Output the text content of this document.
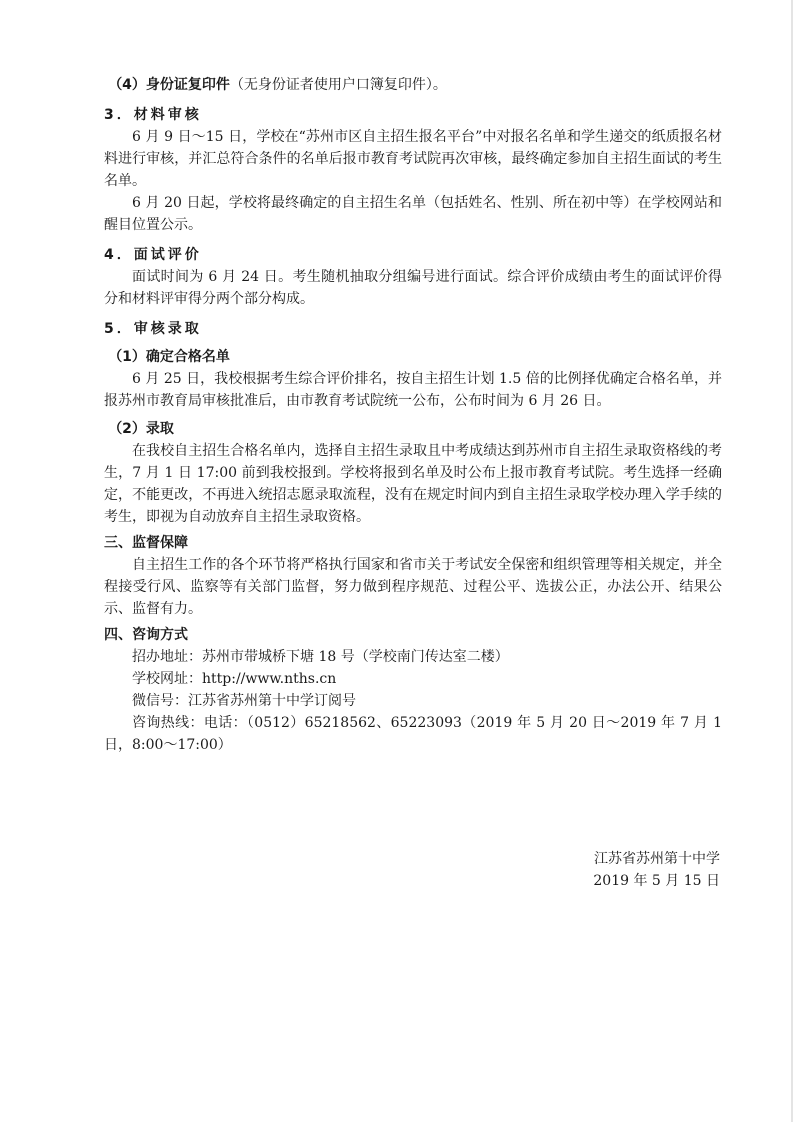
（4）身份证复印件（无身份证者使用户口簿复印件）。

3．材料审核

6 月 9 日～15 日，学校在“苏州市区自主招生报名平台”中对报名名单和学生递交的纸质报名材料进行审核，并汇总符合条件的名单后报市教育考试院再次审核，最终确定参加自主招生面试的考生名单。

6 月 20 日起，学校将最终确定的自主招生名单（包括姓名、性别、所在初中等）在学校网站和醒目位置公示。

4．面试评价

面试时间为 6 月 24 日。考生随机抽取分组编号进行面试。综合评价成绩由考生的面试评价得分和材料评审得分两个部分构成。

5．审核录取

（1）确定合格名单

6 月 25 日，我校根据考生综合评价排名，按自主招生计划 1.5 倍的比例择优确定合格名单，并报苏州市教育局审核批准后，由市教育考试院统一公布，公布时间为 6 月 26 日。

（2）录取

在我校自主招生合格名单内，选择自主招生录取且中考成绩达到苏州市自主招生录取资格线的考生，7 月 1 日 17:00 前到我校报到。学校将报到名单及时公布上报市教育考试院。考生选择一经确定，不能更改，不再进入统招志愿录取流程，没有在规定时间内到自主招生录取学校办理入学手续的考生，即视为自动放弃自主招生录取资格。

三、监督保障

自主招生工作的各个环节将严格执行国家和省市关于考试安全保密和组织管理等相关规定，并全程接受行风、监察等有关部门监督，努力做到程序规范、过程公平、选拔公正，办法公开、结果公示、监督有力。

四、咨询方式

招办地址：苏州市带城桥下塘 18 号（学校南门传达室二楼）

学校网址：http://www.nths.cn

微信号：江苏省苏州第十中学订阅号

咨询热线：电话：（0512）65218562、65223093（2019 年 5 月 20 日～2019 年 7 月 1 日，8:00～17:00）

江苏省苏州第十中学

2019 年 5 月 15 日
